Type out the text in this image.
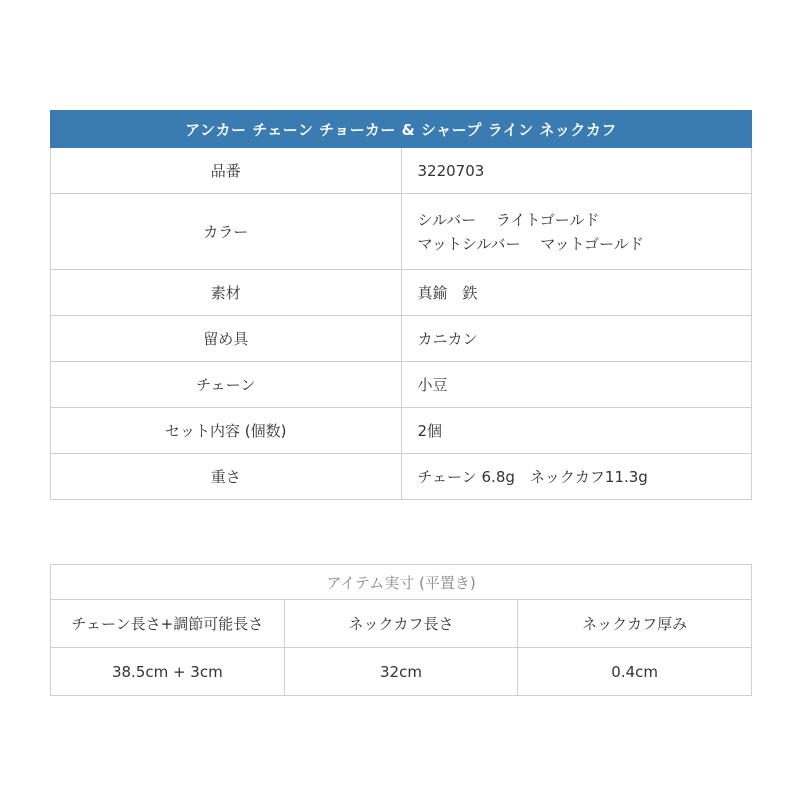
アンカー チェーン チョーカー & シャープ ライン ネックカフ	
品番	3220703
カラー	シルバー　 ライトゴールド
マットシルバー　 マットゴールド

素材	真鍮　鉄
留め具	カニカン
チェーン	小豆
セット内容 (個数)	2個
重さ	チェーン 6.8g　ネックカフ11.3g
アイテム実寸 (平置き)		
チェーン長さ+調節可能長さ	ネックカフ長さ	ネックカフ厚み
38.5cm + 3cm	32cm	0.4cm
